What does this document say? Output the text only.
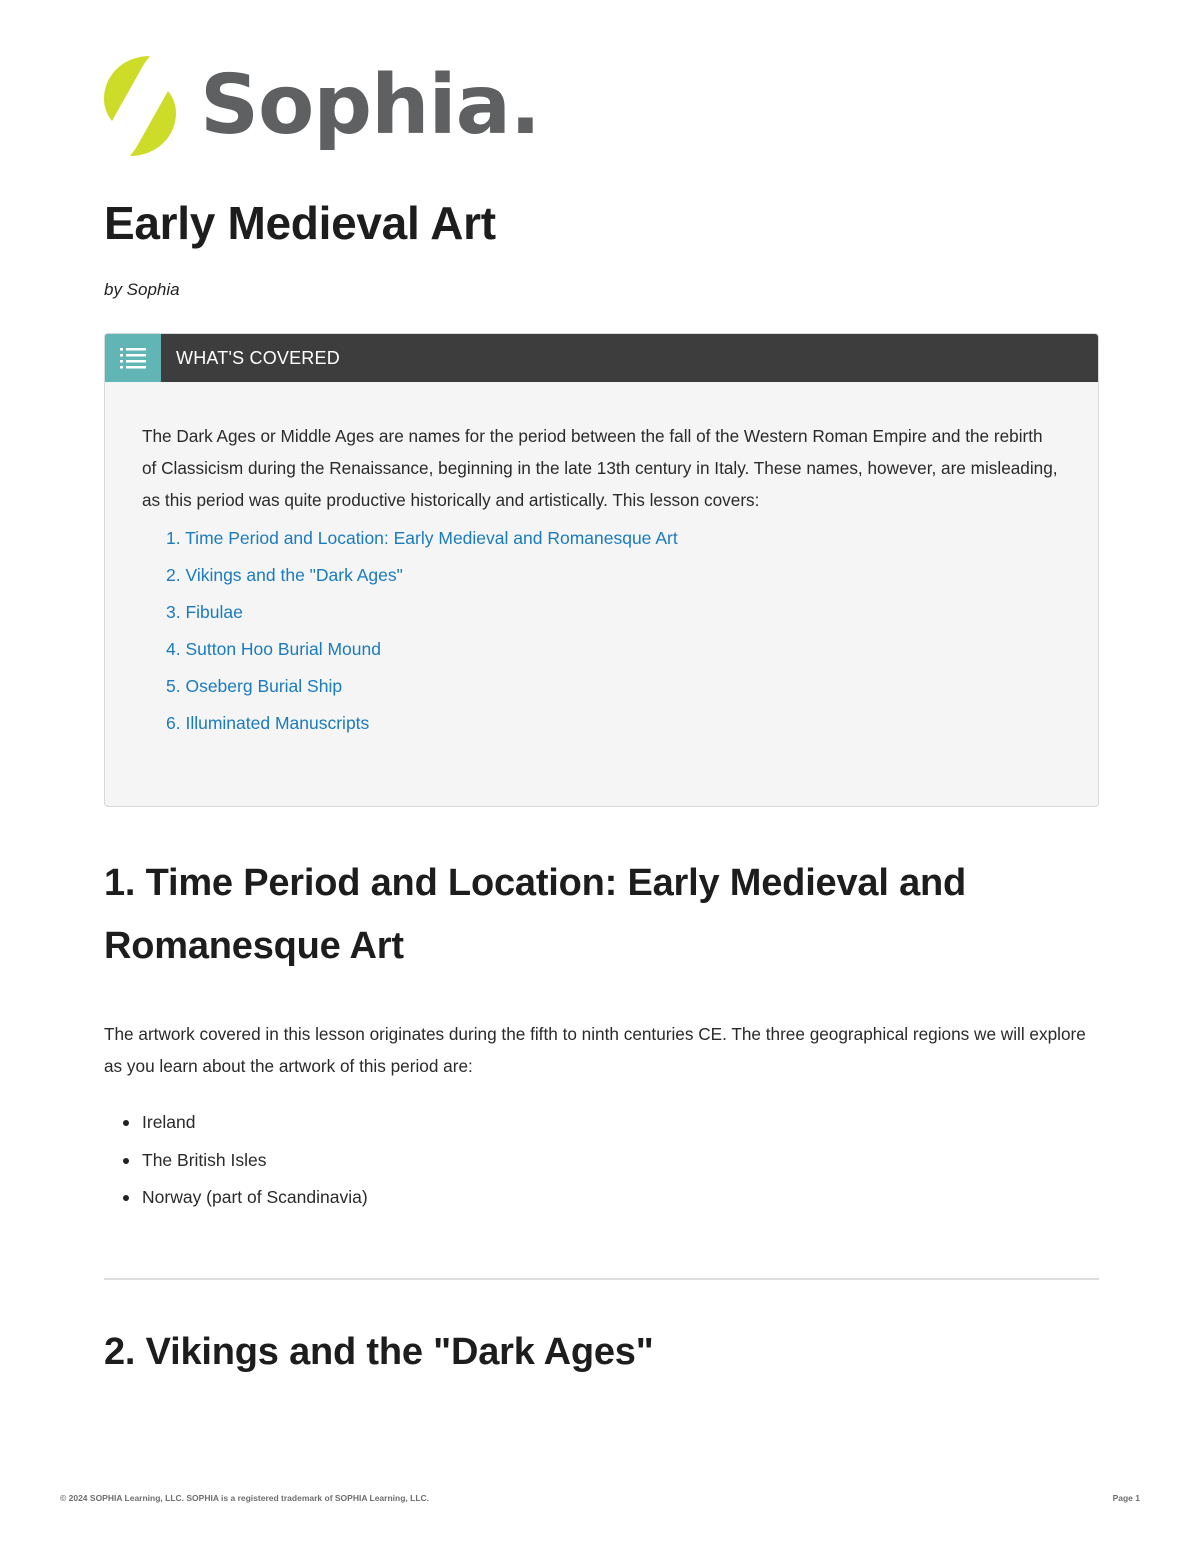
Sophia.
Early Medieval Art
by Sophia
WHAT'S COVERED

The Dark Ages or Middle Ages are names for the period between the fall of the Western Roman Empire and the rebirth of Classicism during the Renaissance, beginning in the late 13th century in Italy. These names, however, are misleading, as this period was quite productive historically and artistically. This lesson covers:

1. Time Period and Location: Early Medieval and Romanesque Art
2. Vikings and the "Dark Ages"
3. Fibulae
4. Sutton Hoo Burial Mound
5. Oseberg Burial Ship
6. Illuminated Manuscripts
1. Time Period and Location: Early Medieval and Romanesque Art

The artwork covered in this lesson originates during the fifth to ninth centuries CE. The three geographical regions we will explore as you learn about the artwork of this period are:

Ireland
The British Isles
Norway (part of Scandinavia)
2. Vikings and the "Dark Ages"
© 2024 SOPHIA Learning, LLC. SOPHIA is a registered trademark of SOPHIA Learning, LLC.	Page 1
